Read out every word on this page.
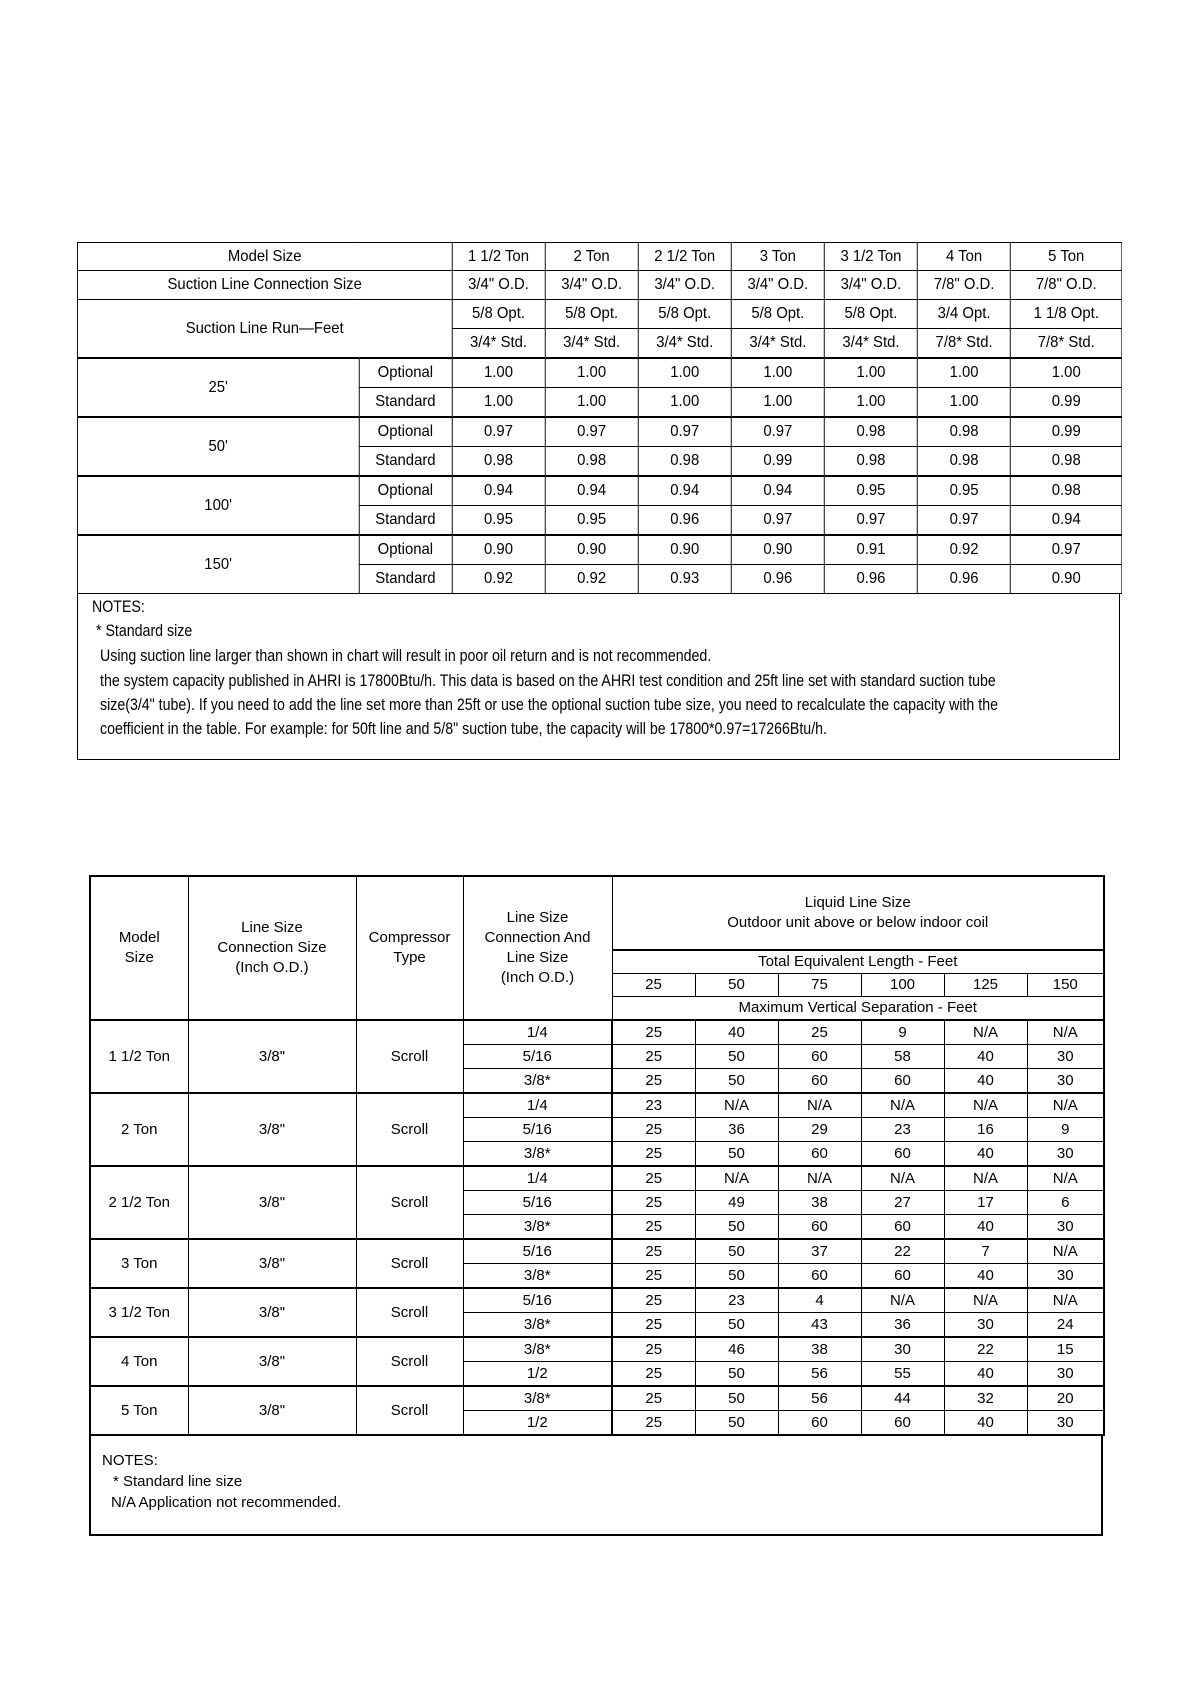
Model Size		1 1/2 Ton	2 Ton	2 1/2 Ton	3 Ton	3 1/2 Ton	4 Ton	5 Ton
Suction Line Connection Size		3/4" O.D.	3/4" O.D.	3/4" O.D.	3/4" O.D.	3/4" O.D.	7/8" O.D.	7/8" O.D.
Suction Line Run—Feet		5/8 Opt.	5/8 Opt.	5/8 Opt.	5/8 Opt.	5/8 Opt.	3/4 Opt.	1 1/8 Opt.
		3/4* Std.	3/4* Std.	3/4* Std.	3/4* Std.	3/4* Std.	7/8* Std.	7/8* Std.
25'	Optional	1.00	1.00	1.00	1.00	1.00	1.00	1.00
	Standard	1.00	1.00	1.00	1.00	1.00	1.00	0.99
50'	Optional	0.97	0.97	0.97	0.97	0.98	0.98	0.99
	Standard	0.98	0.98	0.98	0.99	0.98	0.98	0.98
100'	Optional	0.94	0.94	0.94	0.94	0.95	0.95	0.98
	Standard	0.95	0.95	0.96	0.97	0.97	0.97	0.94
150'	Optional	0.90	0.90	0.90	0.90	0.91	0.92	0.97
	Standard	0.92	0.92	0.93	0.96	0.96	0.96	0.90
NOTES:
* Standard size
Using suction line larger than shown in chart will result in poor oil return and is not recommended.
the system capacity published in AHRI is 17800Btu/h. This data is based on the AHRI test condition and 25ft line set with standard suction tube
size(3/4" tube). If you need to add the line set more than 25ft or use the optional suction tube size, you need to recalculate the capacity with the
coefficient in the table. For example: for 50ft line and 5/8" suction tube, the capacity will be 17800*0.97=17266Btu/h.
Model
Size	Line Size
Connection Size
(Inch O.D.)	Compressor
Type	Line Size
Connection And
Line Size
(Inch O.D.)	Liquid Line Size
Outdoor unit above or below indoor coil					
				Total Equivalent Length - Feet					
				25	50	75	100	125	150
				Maximum Vertical Separation - Feet					
1 1/2 Ton	3/8"	Scroll	1/4	25	40	25	9	N/A	N/A
			5/16	25	50	60	58	40	30
			3/8*	25	50	60	60	40	30
2 Ton	3/8"	Scroll	1/4	23	N/A	N/A	N/A	N/A	N/A
			5/16	25	36	29	23	16	9
			3/8*	25	50	60	60	40	30
2 1/2 Ton	3/8"	Scroll	1/4	25	N/A	N/A	N/A	N/A	N/A
			5/16	25	49	38	27	17	6
			3/8*	25	50	60	60	40	30
3 Ton	3/8"	Scroll	5/16	25	50	37	22	7	N/A
			3/8*	25	50	60	60	40	30
3 1/2 Ton	3/8"	Scroll	5/16	25	23	4	N/A	N/A	N/A
			3/8*	25	50	43	36	30	24
4 Ton	3/8"	Scroll	3/8*	25	46	38	30	22	15
			1/2	25	50	56	55	40	30
5 Ton	3/8"	Scroll	3/8*	25	50	56	44	32	20
			1/2	25	50	60	60	40	30
NOTES:
* Standard line size
N/A Application not recommended.
